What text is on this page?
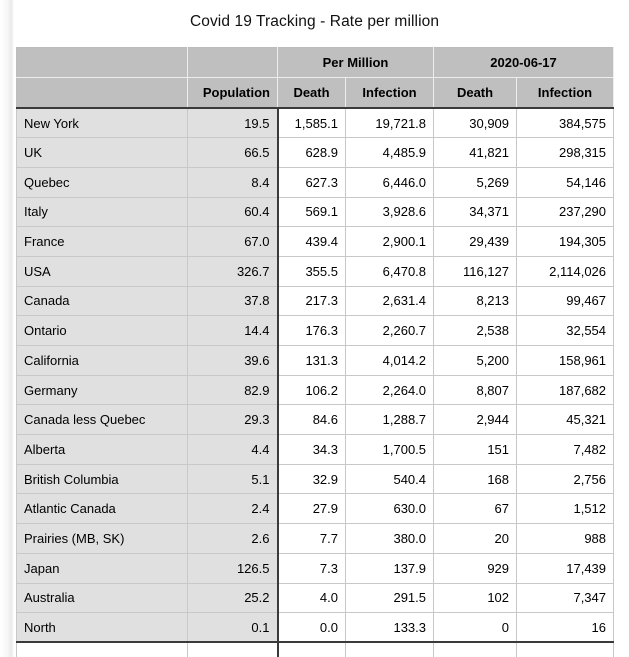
Covid 19 Tracking - Rate per million
		Per Million		2020-06-17	
	Population	Death	Infection	Death	Infection
New York	19.5	1,585.1	19,721.8	30,909	384,575
UK	66.5	628.9	4,485.9	41,821	298,315
Quebec	8.4	627.3	6,446.0	5,269	54,146
Italy	60.4	569.1	3,928.6	34,371	237,290
France	67.0	439.4	2,900.1	29,439	194,305
USA	326.7	355.5	6,470.8	116,127	2,114,026
Canada	37.8	217.3	2,631.4	8,213	99,467
Ontario	14.4	176.3	2,260.7	2,538	32,554
California	39.6	131.3	4,014.2	5,200	158,961
Germany	82.9	106.2	2,264.0	8,807	187,682
Canada less Quebec	29.3	84.6	1,288.7	2,944	45,321
Alberta	4.4	34.3	1,700.5	151	7,482
British Columbia	5.1	32.9	540.4	168	2,756
Atlantic Canada	2.4	27.9	630.0	67	1,512
Prairies (MB, SK)	2.6	7.7	380.0	20	988
Japan	126.5	7.3	137.9	929	17,439
Australia	25.2	4.0	291.5	102	7,347
North	0.1	0.0	133.3	0	16
